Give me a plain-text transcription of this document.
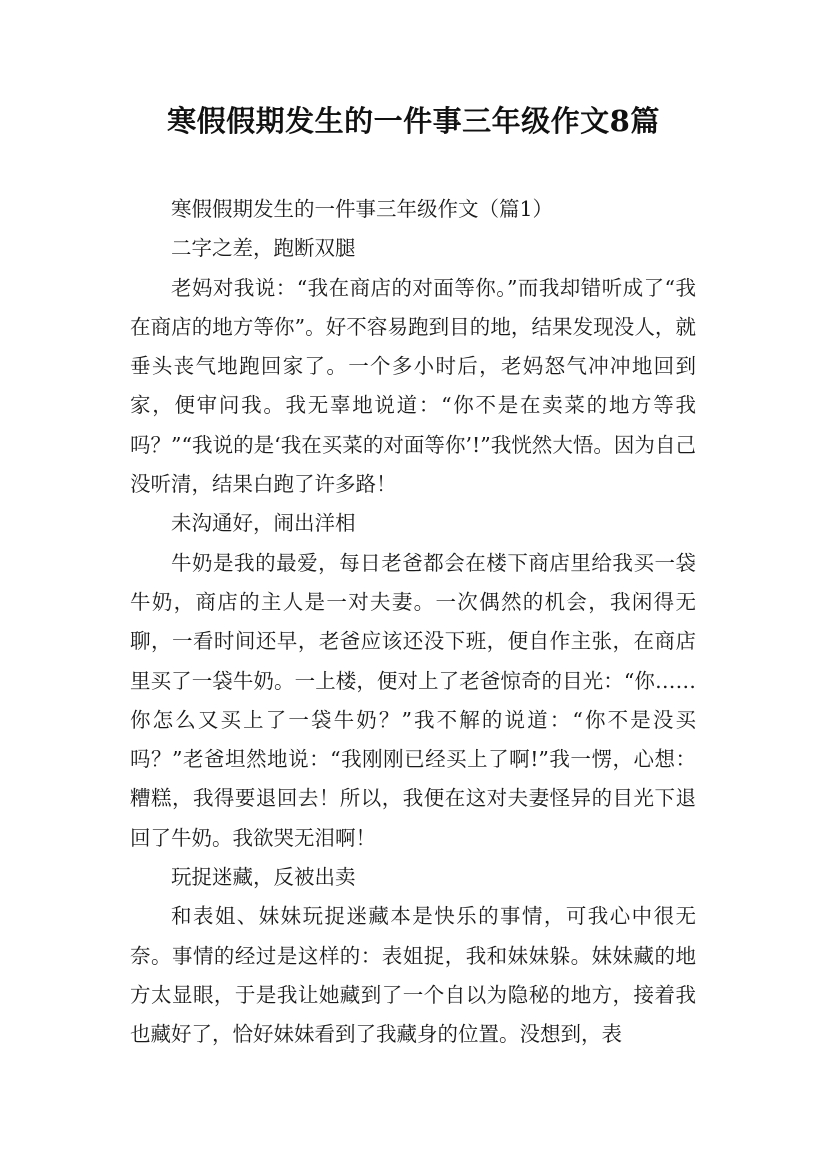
寒假假期发生的一件事三年级作文8篇

寒假假期发生的一件事三年级作文（篇1）

二字之差，跑断双腿

老妈对我说：“我在商店的对面等你。”而我却错听成了“我在商店的地方等你”。好不容易跑到目的地，结果发现没人，就垂头丧气地跑回家了。一个多小时后，老妈怒气冲冲地回到家，便审问我。我无辜地说道：“你不是在卖菜的地方等我吗？”“我说的是‘我在买菜的对面等你’!”我恍然大悟。因为自己没听清，结果白跑了许多路！

未沟通好，闹出洋相

牛奶是我的最爱，每日老爸都会在楼下商店里给我买一袋牛奶，商店的主人是一对夫妻。一次偶然的机会，我闲得无聊，一看时间还早，老爸应该还没下班，便自作主张，在商店里买了一袋牛奶。一上楼，便对上了老爸惊奇的目光：“你……你怎么又买上了一袋牛奶？”我不解的说道：“你不是没买吗？”老爸坦然地说：“我刚刚已经买上了啊!”我一愣，心想：糟糕，我得要退回去！所以，我便在这对夫妻怪异的目光下退回了牛奶。我欲哭无泪啊！

玩捉迷藏，反被出卖

和表姐、妹妹玩捉迷藏本是快乐的事情，可我心中很无奈。事情的经过是这样的：表姐捉，我和妹妹躲。妹妹藏的地方太显眼，于是我让她藏到了一个自以为隐秘的地方，接着我也藏好了，恰好妹妹看到了我藏身的位置。没想到，表
